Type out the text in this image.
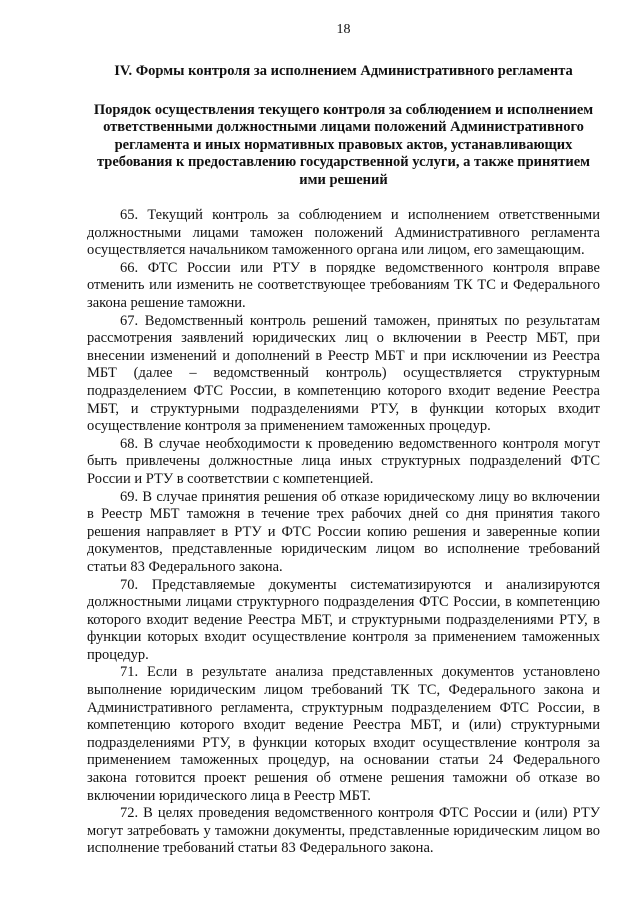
18
IV. Формы контроля за исполнением Административного регламента
Порядок осуществления текущего контроля за соблюдением и исполнением ответственными должностными лицами положений Административного регламента и иных нормативных правовых актов, устанавливающих требования к предоставлению государственной услуги, а также принятием ими решений

65. Текущий контроль за соблюдением и исполнением ответственными должностными лицами таможен положений Административного регламента осуществляется начальником таможенного органа или лицом, его замещающим.

66. ФТС России или РТУ в порядке ведомственного контроля вправе отменить или изменить не соответствующее требованиям ТК ТС и Федерального закона решение таможни.

67. Ведомственный контроль решений таможен, принятых по результатам рассмотрения заявлений юридических лиц о включении в Реестр МБТ, при внесении изменений и дополнений в Реестр МБТ и при исключении из Реестра МБТ (далее – ведомственный контроль) осуществляется структурным подразделением ФТС России, в компетенцию которого входит ведение Реестра МБТ, и структурными подразделениями РТУ, в функции которых входит осуществление контроля за применением таможенных процедур.

68. В случае необходимости к проведению ведомственного контроля могут быть привлечены должностные лица иных структурных подразделений ФТС России и РТУ в соответствии с компетенцией.

69. В случае принятия решения об отказе юридическому лицу во включении в Реестр МБТ таможня в течение трех рабочих дней со дня принятия такого решения направляет в РТУ и ФТС России копию решения и заверенные копии документов, представленные юридическим лицом во исполнение требований статьи 83 Федерального закона.

70. Представляемые документы систематизируются и анализируются должностными лицами структурного подразделения ФТС России, в компетенцию которого входит ведение Реестра МБТ, и структурными подразделениями РТУ, в функции которых входит осуществление контроля за применением таможенных процедур.

71. Если в результате анализа представленных документов установлено выполнение юридическим лицом требований ТК ТС, Федерального закона и Административного регламента, структурным подразделением ФТС России, в компетенцию которого входит ведение Реестра МБТ, и (или) структурными подразделениями РТУ, в функции которых входит осуществление контроля за применением таможенных процедур, на основании статьи 24 Федерального закона готовится проект решения об отмене решения таможни об отказе во включении юридического лица в Реестр МБТ.

72. В целях проведения ведомственного контроля ФТС России и (или) РТУ могут затребовать у таможни документы, представленные юридическим лицом во исполнение требований статьи 83 Федерального закона.
